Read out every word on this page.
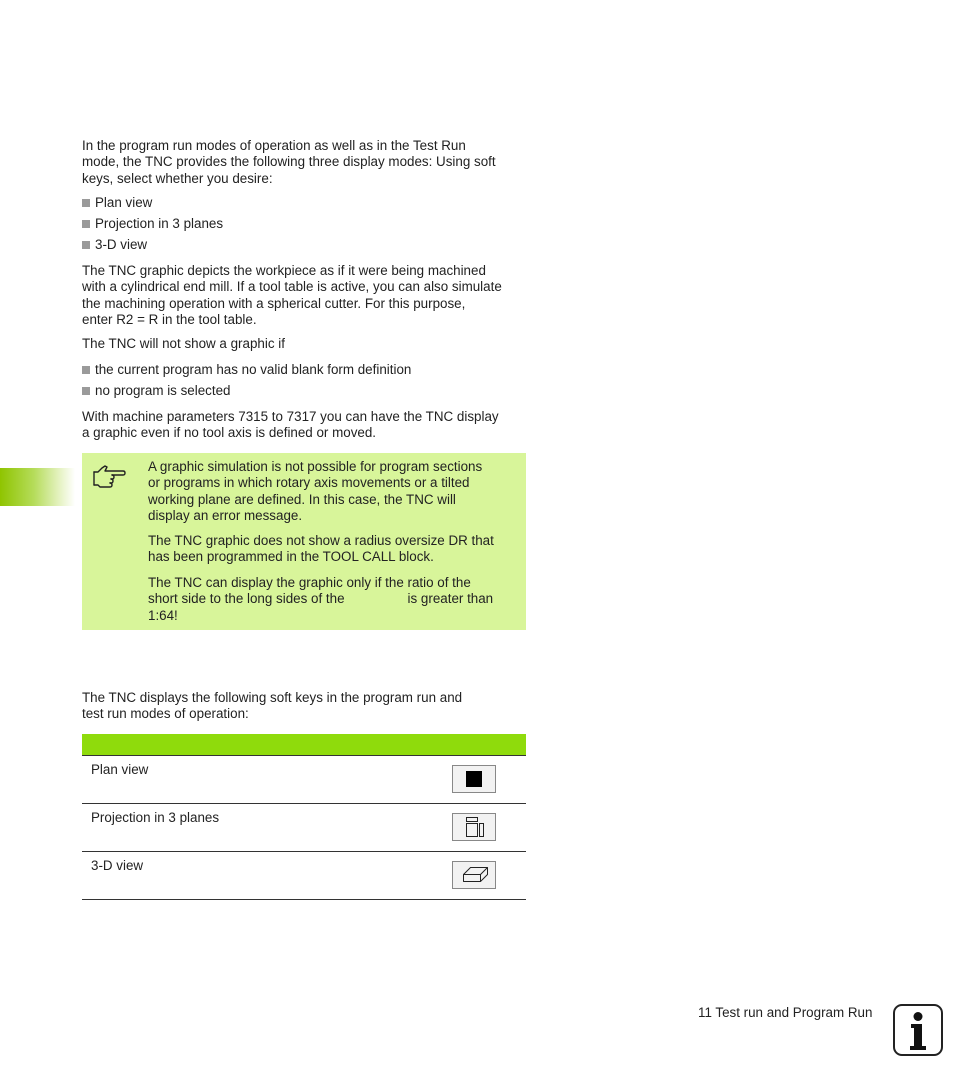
In the program run modes of operation as well as in the Test Run
mode, the TNC provides the following three display modes: Using soft
keys, select whether you desire:

Plan view

Projection in 3 planes

3-D view

The TNC graphic depicts the workpiece as if it were being machined
with a cylindrical end mill. If a tool table is active, you can also simulate
the machining operation with a spherical cutter. For this purpose,
enter R2 = R in the tool table.

The TNC will not show a graphic if

the current program has no valid blank form definition

no program is selected

With machine parameters 7315 to 7317 you can have the TNC display
a graphic even if no tool axis is defined or moved.

A graphic simulation is not possible for program sections
or programs in which rotary axis movements or a tilted
working plane are defined. In this case, the TNC will
display an error message.

The TNC graphic does not show a radius oversize DR that
has been programmed in the TOOL CALL block.

The TNC can display the graphic only if the ratio of the
short side to the long sides of the	is greater than
1:64!

The TNC displays the following soft keys in the program run and
test run modes of operation:

Plan view
Projection in 3 planes
3-D view
11 Test run and Program Run
